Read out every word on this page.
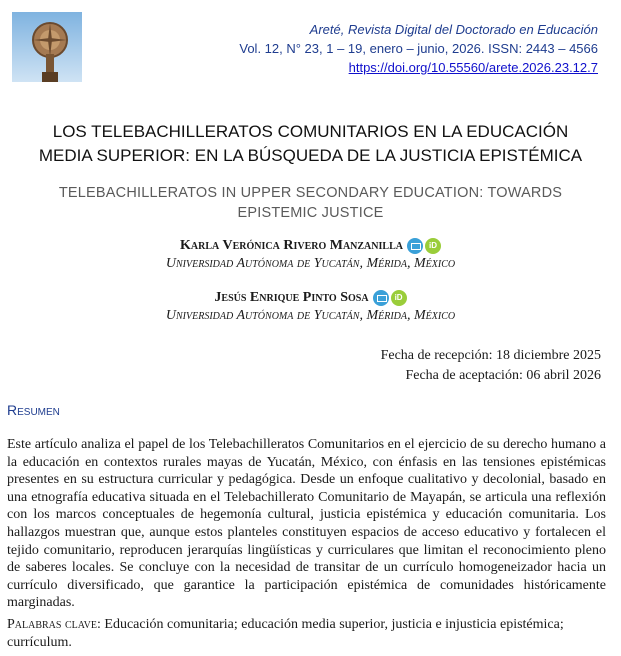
Areté, Revista Digital del Doctorado en Educación
Vol. 12, N° 23, 1 – 19, enero – junio, 2026. ISSN: 2443 – 4566
https://doi.org/10.55560/arete.2026.23.12.7
LOS TELEBACHILLERATOS COMUNITARIOS EN LA EDUCACIÓN
MEDIA SUPERIOR: EN LA BÚSQUEDA DE LA JUSTICIA EPISTÉMICA
TELEBACHILLERATOS IN UPPER SECONDARY EDUCATION: TOWARDS
EPISTEMIC JUSTICE
Karla Verónica Rivero Manzanilla	iD
Universidad Autónoma de Yucatán, Mérida, México
Jesús Enrique Pinto Sosa	iD
Universidad Autónoma de Yucatán, Mérida, México
Fecha de recepción: 18 diciembre 2025
Fecha de aceptación: 06 abril 2026
Resumen
Este artículo analiza el papel de los Telebachilleratos Comunitarios en el ejercicio de su derecho humano a la educación en contextos rurales mayas de Yucatán, México, con énfasis en las tensiones epistémicas presentes en su estructura curricular y pedagógica. Desde un enfoque cualitativo y decolonial, basado en una etnografía educativa situada en el Telebachillerato Comunitario de Mayapán, se articula una reflexión con los marcos conceptuales de hegemonía cultural, justicia epistémica y educación comunitaria. Los hallazgos muestran que, aunque estos planteles constituyen espacios de acceso educativo y fortalecen el tejido comunitario, reproducen jerarquías lingüísticas y curriculares que limitan el reconocimiento pleno de saberes locales. Se concluye con la necesidad de transitar de un currículo homogeneizador hacia un currículo diversificado, que garantice la participación epistémica de comunidades históricamente marginadas.
Palabras clave: Educación comunitaria; educación media superior, justicia e injusticia epistémica; currículum.
